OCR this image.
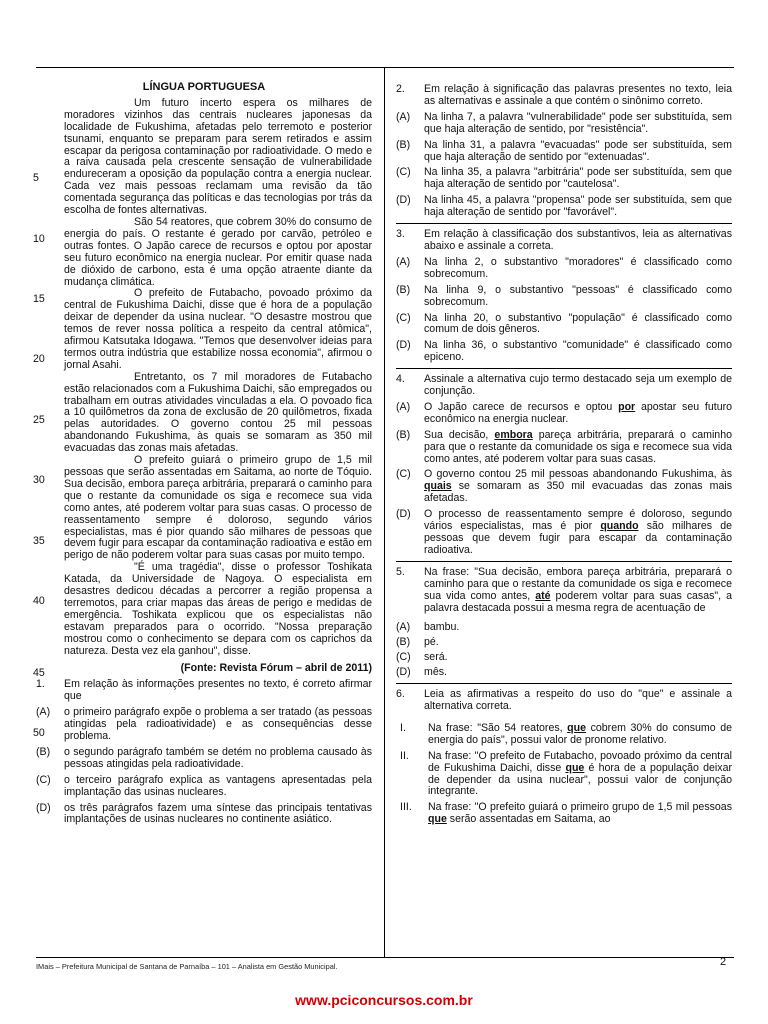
LÍNGUA PORTUGUESA
5
10
15
20
25
30
35
40
45
50

Um futuro incerto espera os milhares de moradores vizinhos das centrais nucleares japonesas da localidade de Fukushima, afetadas pelo terremoto e posterior tsunami, enquanto se preparam para serem retirados e assim escapar da perigosa contaminação por radioatividade. O medo e a raiva causada pela crescente sensação de vulnerabilidade endureceram a oposição da população contra a energia nuclear. Cada vez mais pessoas reclamam uma revisão da tão comentada segurança das políticas e das tecnologias por trás da escolha de fontes alternativas.

São 54 reatores, que cobrem 30% do consumo de energia do país. O restante é gerado por carvão, petróleo e outras fontes. O Japão carece de recursos e optou por apostar seu futuro econômico na energia nuclear. Por emitir quase nada de dióxido de carbono, esta é uma opção atraente diante da mudança climática.

O prefeito de Futabacho, povoado próximo da central de Fukushima Daichi, disse que é hora de a população deixar de depender da usina nuclear. "O desastre mostrou que temos de rever nossa política a respeito da central atômica", afirmou Katsutaka Idogawa. "Temos que desenvolver ideias para termos outra indústria que estabilize nossa economia", afirmou o jornal Asahi.

Entretanto, os 7 mil moradores de Futabacho estão relacionados com a Fukushima Daichi, são empregados ou trabalham em outras atividades vinculadas a ela. O povoado fica a 10 quilômetros da zona de exclusão de 20 quilômetros, fixada pelas autoridades. O governo contou 25 mil pessoas abandonando Fukushima, às quais se somaram as 350 mil evacuadas das zonas mais afetadas.

O prefeito guiará o primeiro grupo de 1,5 mil pessoas que serão assentadas em Saitama, ao norte de Tóquio. Sua decisão, embora pareça arbitrária, preparará o caminho para que o restante da comunidade os siga e recomece sua vida como antes, até poderem voltar para suas casas. O processo de reassentamento sempre é doloroso, segundo vários especialistas, mas é pior quando são milhares de pessoas que devem fugir para escapar da contaminação radioativa e estão em perigo de não poderem voltar para suas casas por muito tempo.

"É uma tragédia", disse o professor Toshikata Katada, da Universidade de Nagoya. O especialista em desastres dedicou décadas a percorrer a região propensa a terremotos, para criar mapas das áreas de perigo e medidas de emergência. Toshikata explicou que os especialistas não estavam preparados para o ocorrido. "Nossa preparação mostrou como o conhecimento se depara com os caprichos da natureza. Desta vez ela ganhou", disse.

(Fonte: Revista Fórum – abril de 2011)
1.	Em relação às informações presentes no texto, é correto afirmar que
(A)	o primeiro parágrafo expõe o problema a ser tratado (as pessoas atingidas pela radioatividade) e as consequências desse problema.
(B)	o segundo parágrafo também se detém no problema causado às pessoas atingidas pela radioatividade.
(C)	o terceiro parágrafo explica as vantagens apresentadas pela implantação das usinas nucleares.
(D)	os três parágrafos fazem uma síntese das principais tentativas implantações de usinas nucleares no continente asiático.
2.	Em relação à significação das palavras presentes no texto, leia as alternativas e assinale a que contém o sinônimo correto.
(A)	Na linha 7, a palavra "vulnerabilidade" pode ser substituída, sem que haja alteração de sentido, por "resistência".
(B)	Na linha 31, a palavra "evacuadas" pode ser substituída, sem que haja alteração de sentido por "extenuadas".
(C)	Na linha 35, a palavra "arbitrária" pode ser substituída, sem que haja alteração de sentido por "cautelosa".
(D)	Na linha 45, a palavra "propensa" pode ser substituída, sem que haja alteração de sentido por "favorável".
3.	Em relação à classificação dos substantivos, leia as alternativas abaixo e assinale a correta.
(A)	Na linha 2, o substantivo "moradores" é classificado como sobrecomum.
(B)	Na linha 9, o substantivo "pessoas" é classificado como sobrecomum.
(C)	Na linha 20, o substantivo "população" é classificado como comum de dois gêneros.
(D)	Na linha 36, o substantivo "comunidade" é classificado como epiceno.
4.	Assinale a alternativa cujo termo destacado seja um exemplo de conjunção.
(A)	O Japão carece de recursos e optou por apostar seu futuro econômico na energia nuclear.
(B)	Sua decisão, embora pareça arbitrária, preparará o caminho para que o restante da comunidade os siga e recomece sua vida como antes, até poderem voltar para suas casas.
(C)	O governo contou 25 mil pessoas abandonando Fukushima, às quais se somaram as 350 mil evacuadas das zonas mais afetadas.
(D)	O processo de reassentamento sempre é doloroso, segundo vários especialistas, mas é pior quando são milhares de pessoas que devem fugir para escapar da contaminação radioativa.
5.	Na frase: "Sua decisão, embora pareça arbitrária, preparará o caminho para que o restante da comunidade os siga e recomece sua vida como antes, até poderem voltar para suas casas", a palavra destacada possui a mesma regra de acentuação de
(A)	bambu.
(B)	pé.
(C)	será.
(D)	mês.
6.	Leia as afirmativas a respeito do uso do "que" e assinale a alternativa correta.
I.	Na frase: "São 54 reatores, que cobrem 30% do consumo de energia do país", possui valor de pronome relativo.
II.	Na frase: "O prefeito de Futabacho, povoado próximo da central de Fukushima Daichi, disse que é hora de a população deixar de depender da usina nuclear", possui valor de conjunção integrante.
III.	Na frase: "O prefeito guiará o primeiro grupo de 1,5 mil pessoas que serão assentadas em Saitama, ao
IMais – Prefeitura Municipal de Santana de Parnaíba – 101 – Analista em Gestão Municipal.	2
www.pciconcursos.com.br
